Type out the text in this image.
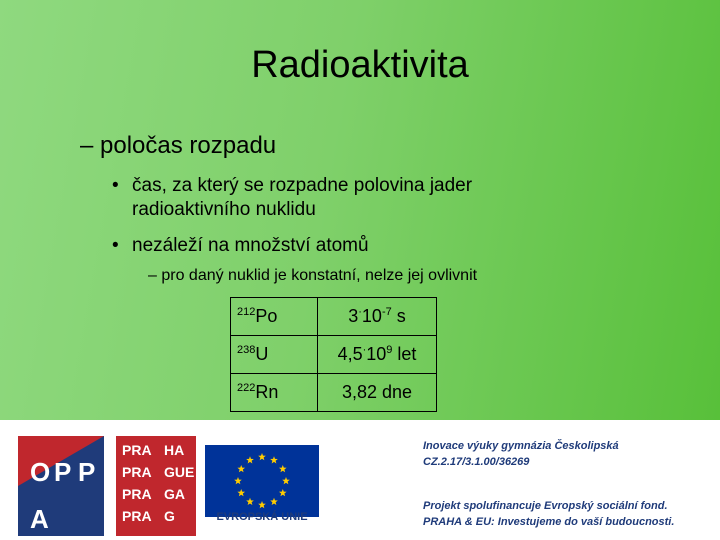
Radioaktivita
– poločas rozpadu
• čas, za který se rozpadne polovina jader radioaktivního nuklidu
• nezáleží na množství atomů
– pro daný nuklid je konstatní, nelze jej ovlivnit
$^{212}$Po	$3^\cdot 10^{-7}$ s
$^{238}$U	$4,5^\cdot 10^9$ let
$^{222}$Rn	3,82 dne
O P P
A
PRA HA
PRA GUE
PRA GA
PRA G	EVROPSKÁ UNIE
Inovace výuky gymnázia Českolipská
CZ.2.17/3.1.00/36269
Projekt spolufinancuje Evropský sociální fond.
PRAHA & EU: Investujeme do vaší budoucnosti.
